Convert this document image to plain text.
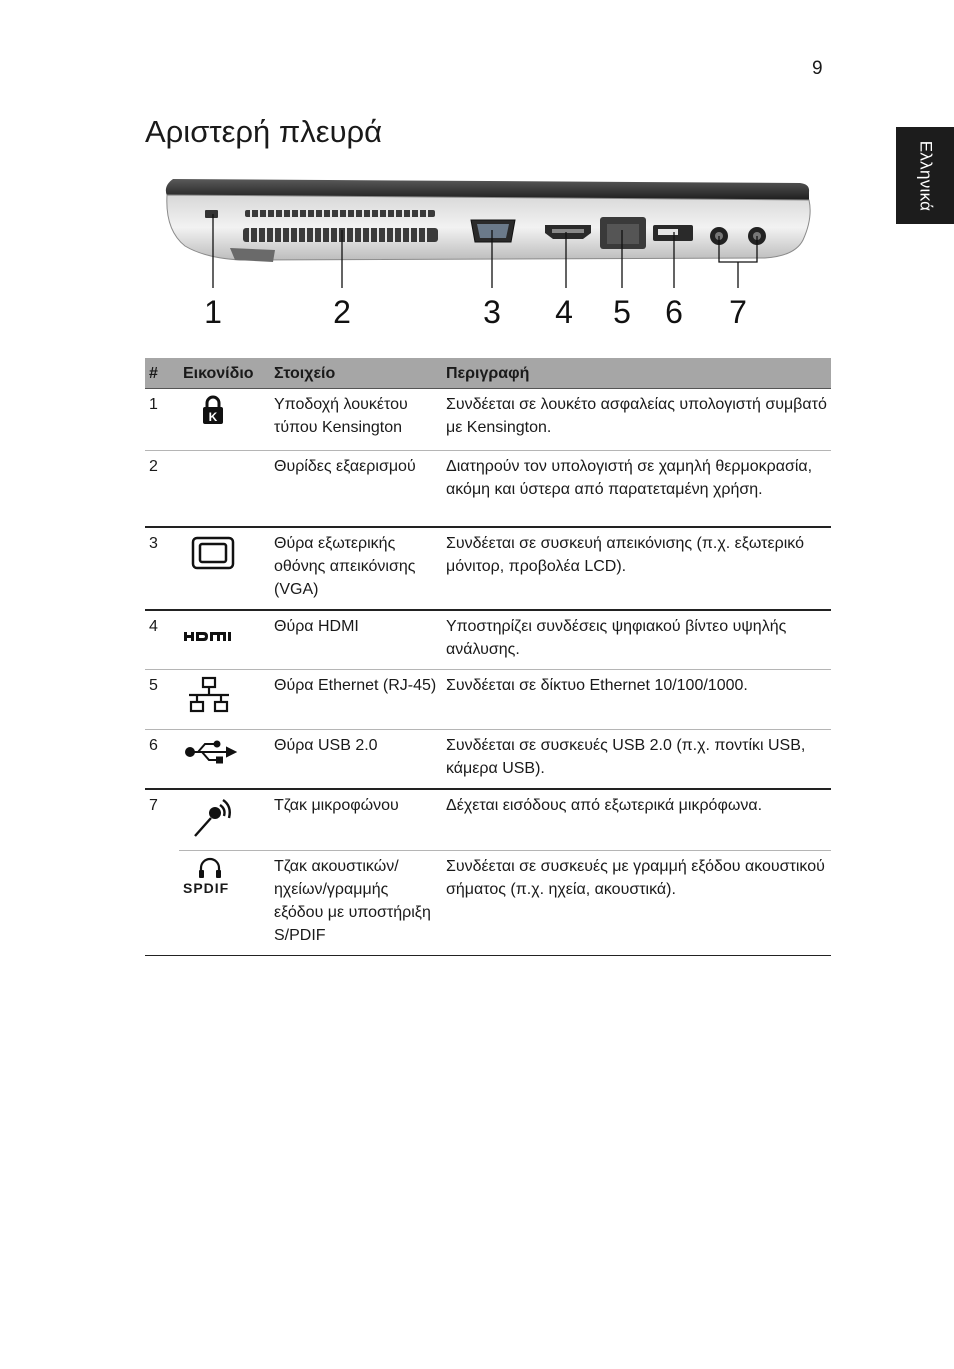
9
Ελληνικά
Αριστερή πλευρά
1	2	3	4	5	6	7
#	Εικονίδιο	Στοιχείο	Περιγραφή
1	K	Υποδοχή λουκέτου τύπου Kensington	Συνδέεται σε λουκέτο ασφαλείας υπολογιστή συμβατό με Kensington.
2		Θυρίδες εξαερισμού	Διατηρούν τον υπολογιστή σε χαμηλή θερμοκρασία, ακόμη και ύστερα από παρατεταμένη χρήση.
3		Θύρα εξωτερικής οθόνης απεικόνισης (VGA)	Συνδέεται σε συσκευή απεικόνισης (π.χ. εξωτερικό μόνιτορ, προβολέα LCD).
4		Θύρα HDMI	Υποστηρίζει συνδέσεις ψηφιακού βίντεο υψηλής ανάλυσης.
5		Θύρα Ethernet (RJ-45)	Συνδέεται σε δίκτυο Ethernet 10/100/1000.
6		Θύρα USB 2.0	Συνδέεται σε συσκευές USB 2.0 (π.χ. ποντίκι USB, κάμερα USB).
7		Τζακ μικροφώνου	Δέχεται εισόδους από εξωτερικά μικρόφωνα.

	SPDIF	Τζακ ακουστικών/ ηχείων/γραμμής εξόδου με υποστήριξη S/PDIF	Συνδέεται σε συσκευές με γραμμή εξόδου ακουστικού σήματος (π.χ. ηχεία, ακουστικά).
